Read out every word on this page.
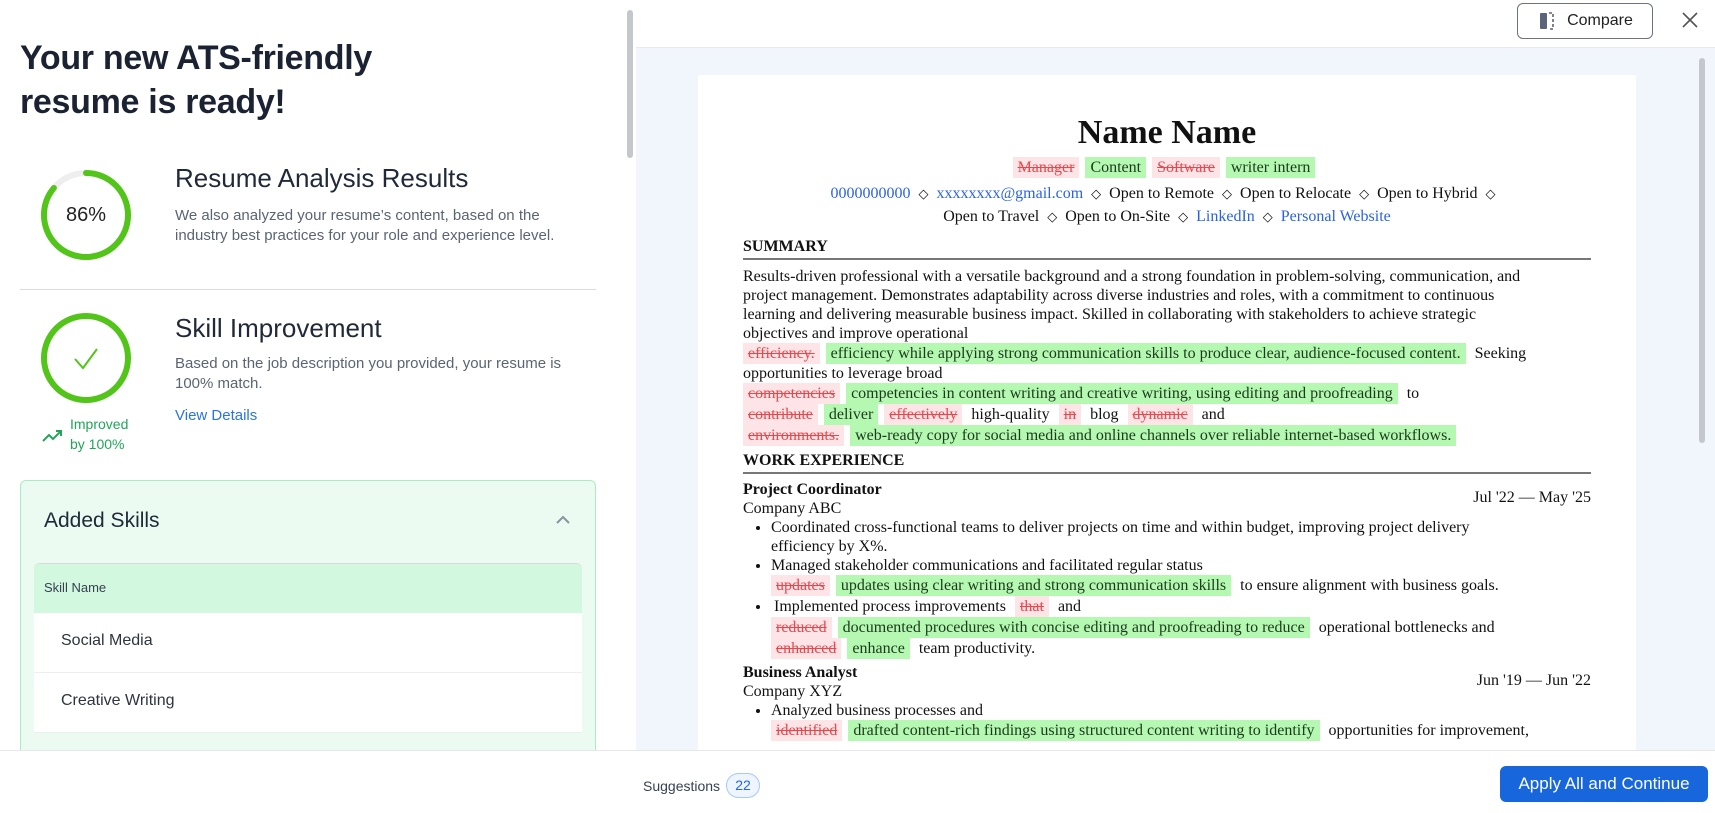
Your new ATS-friendly
resume is ready!
86%
Resume Analysis Results
We also analyzed your resume’s content, based on the industry best practices for your role and experience level.
Skill Improvement
Based on the job description you provided, your resume is 100% match.
View Details
Improved
by 100%
Added Skills
Skill Name
Social Media
Creative Writing
Compare
Name Name
Manager Content Software writer intern
0000000000 ◇ xxxxxxxx@gmail.com ◇ Open to Remote ◇ Open to Relocate ◇ Open to Hybrid ◇
Open to Travel ◇ Open to On-Site ◇ LinkedIn ◇ Personal Website
SUMMARY
Results-driven professional with a versatile background and a strong foundation in problem-solving, communication, and
project management. Demonstrates adaptability across diverse industries and roles, with a commitment to continuous
learning and delivering measurable business impact. Skilled in collaborating with stakeholders to achieve strategic
objectives and improve operational
efficiency. efficiency while applying strong communication skills to produce clear, audience-focused content. Seeking
opportunities to leverage broad
competencies competencies in content writing and creative writing, using editing and proofreading to
contribute deliver effectively high-quality in blog dynamic and
environments. web-ready copy for social media and online channels over reliable internet-based workflows.
WORK EXPERIENCE
Project Coordinator	Jul '22 — May '25
Company ABC
• Coordinated cross-functional teams to deliver projects on time and within budget, improving project delivery
efficiency by X%.
• Managed stakeholder communications and facilitated regular status
updates updates using clear writing and strong communication skills to ensure alignment with business goals.
• Implemented process improvements that and
reduced documented procedures with concise editing and proofreading to reduce operational bottlenecks and
enhanced enhance team productivity.
Business Analyst	Jun '19 — Jun '22
Company XYZ
• Analyzed business processes and
identified drafted content-rich findings using structured content writing to identify opportunities for improvement,
Suggestions	22	Apply All and Continue
